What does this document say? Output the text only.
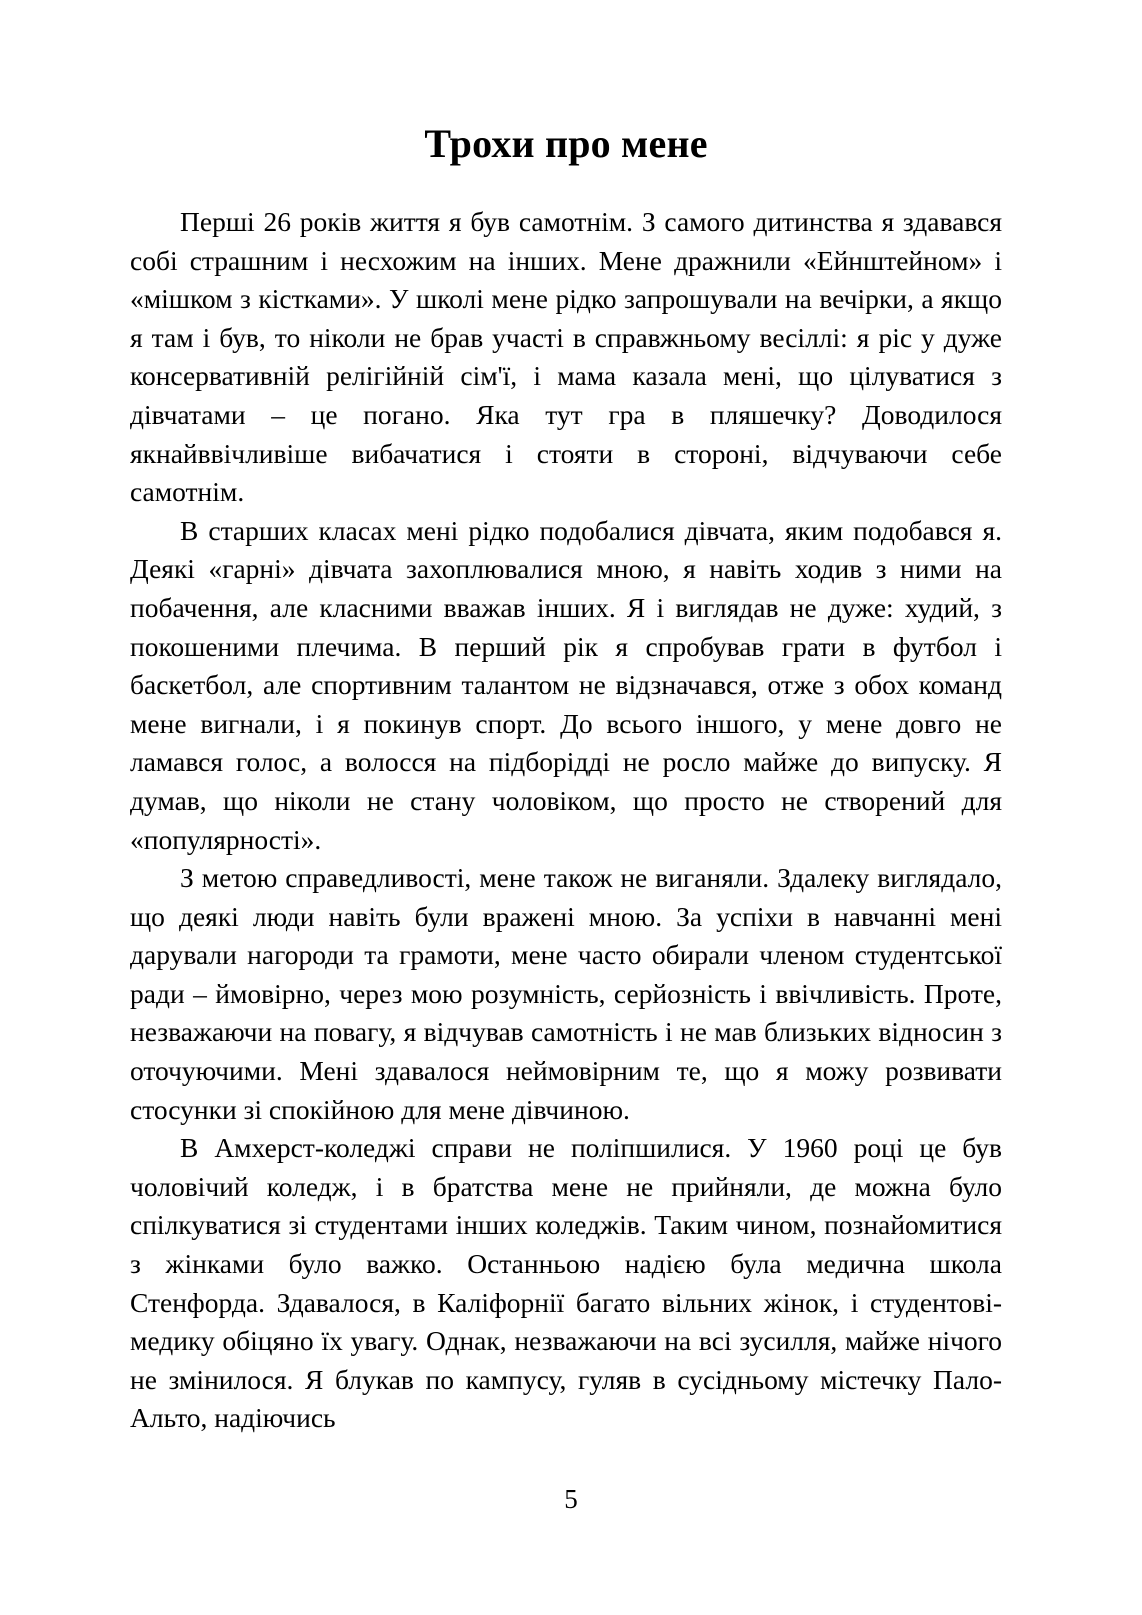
Трохи про мене

Перші 26 років життя я був самотнім. З самого дитинства я здавався собі страшним і несхожим на інших. Мене дражнили «Ейнштейном» і «мішком з кістками». У школі мене рідко запрошували на вечірки, а якщо я там і був, то ніколи не брав участі в справжньому весіллі: я ріс у дуже консервативній релігійній сім'ї, і мама казала мені, що цілуватися з дівчатами – це погано. Яка тут гра в пляшечку? Доводилося якнайввічливіше вибачатися і стояти в стороні, відчуваючи себе самотнім.

В старших класах мені рідко подобалися дівчата, яким подобався я. Деякі «гарні» дівчата захоплювалися мною, я навіть ходив з ними на побачення, але класними вважав інших. Я і виглядав не дуже: худий, з покошеними плечима. В перший рік я спробував грати в футбол і баскетбол, але спортивним талантом не відзначався, отже з обох команд мене вигнали, і я покинув спорт. До всього іншого, у мене довго не ламався голос, а волосся на підборідді не росло майже до випуску. Я думав, що ніколи не стану чоловіком, що просто не створений для «популярності».

З метою справедливості, мене також не виганяли. Здалеку виглядало, що деякі люди навіть були вражені мною. За успіхи в навчанні мені дарували нагороди та грамоти, мене часто обирали членом студентської ради – ймовірно, через мою розумність, серйозність і ввічливість. Проте, незважаючи на повагу, я відчував самотність і не мав близьких відносин з оточуючими. Мені здавалося неймовірним те, що я можу розвивати стосунки зі спокійною для мене дівчиною.

В Амхерст-коледжі справи не поліпшилися. У 1960 році це був чоловічий коледж, і в братства мене не прийняли, де можна було спілкуватися зі студентами інших коледжів. Таким чином, познайомитися з жінками було важко. Останньою надією була медична школа Стенфорда. Здавалося, в Каліфорнії багато вільних жінок, і студентові-медику обіцяно їх увагу. Однак, незважаючи на всі зусилля, майже нічого не змінилося. Я блукав по кампусу, гуляв в сусідньому містечку Пало-Альто, надіючись

5
